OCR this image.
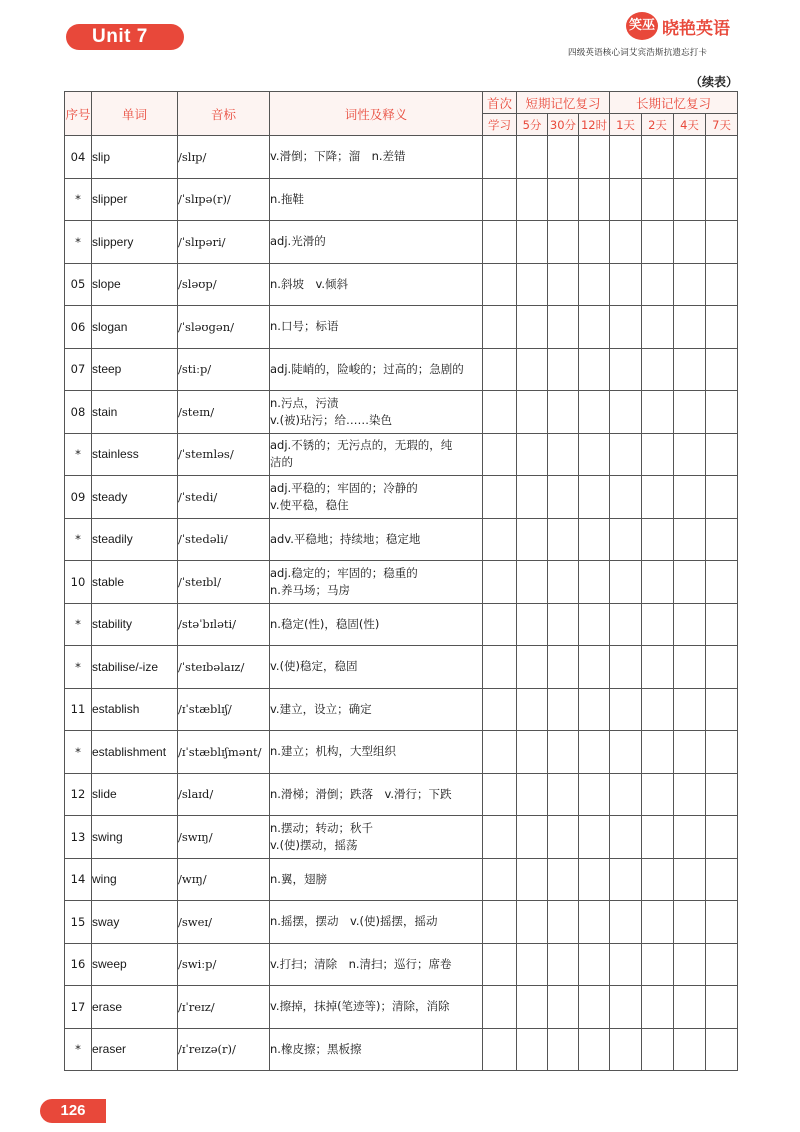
Unit 7
笑巫 晓艳英语
四级英语核心词艾宾浩斯抗遗忘打卡
（续表）
序号	单词	音标	词性及释义	首次	短期记忆复习			长期记忆复习			
				学习	5分	30分	12时	1天	2天	4天	7天
04	slip	/slɪp/	v.滑倒；下降；溜　n.差错								

*	slipper	/ˈslɪpə(r)/	n.拖鞋								

*	slippery	/ˈslɪpəri/	adj.光滑的								

05	slope	/sləʊp/	n.斜坡　v.倾斜								

06	slogan	/ˈsləʊgən/	n.口号；标语								

07	steep	/stiːp/	adj.陡峭的，险峻的；过高的；急剧的								

08	stain	/steɪn/	n.污点，污渍
v.(被)玷污；给……染色								

*	stainless	/ˈsteɪnləs/	adj.不锈的；无污点的，无瑕的，纯
洁的								

09	steady	/ˈstedi/	adj.平稳的；牢固的；冷静的
v.使平稳，稳住								

*	steadily	/ˈstedəli/	adv.平稳地；持续地；稳定地								

10	stable	/ˈsteɪbl/	adj.稳定的；牢固的；稳重的
n.养马场；马房								

*	stability	/stəˈbɪləti/	n.稳定(性)，稳固(性)								

*	stabilise/-ize	/ˈsteɪbəlaɪz/	v.(使)稳定，稳固								

11	establish	/ɪˈstæblɪʃ/	v.建立，设立；确定								

*	establishment	/ɪˈstæblɪʃmənt/	n.建立；机构，大型组织								

12	slide	/slaɪd/	n.滑梯；滑倒；跌落　v.滑行；下跌								

13	swing	/swɪŋ/	n.摆动；转动；秋千
v.(使)摆动，摇荡								

14	wing	/wɪŋ/	n.翼，翅膀								

15	sway	/sweɪ/	n.摇摆，摆动　v.(使)摇摆，摇动								

16	sweep	/swiːp/	v.打扫；清除　n.清扫；巡行；席卷								

17	erase	/ɪˈreɪz/	v.擦掉，抹掉(笔迹等)；清除，消除								

*	eraser	/ɪˈreɪzə(r)/	n.橡皮擦；黑板擦								

126
